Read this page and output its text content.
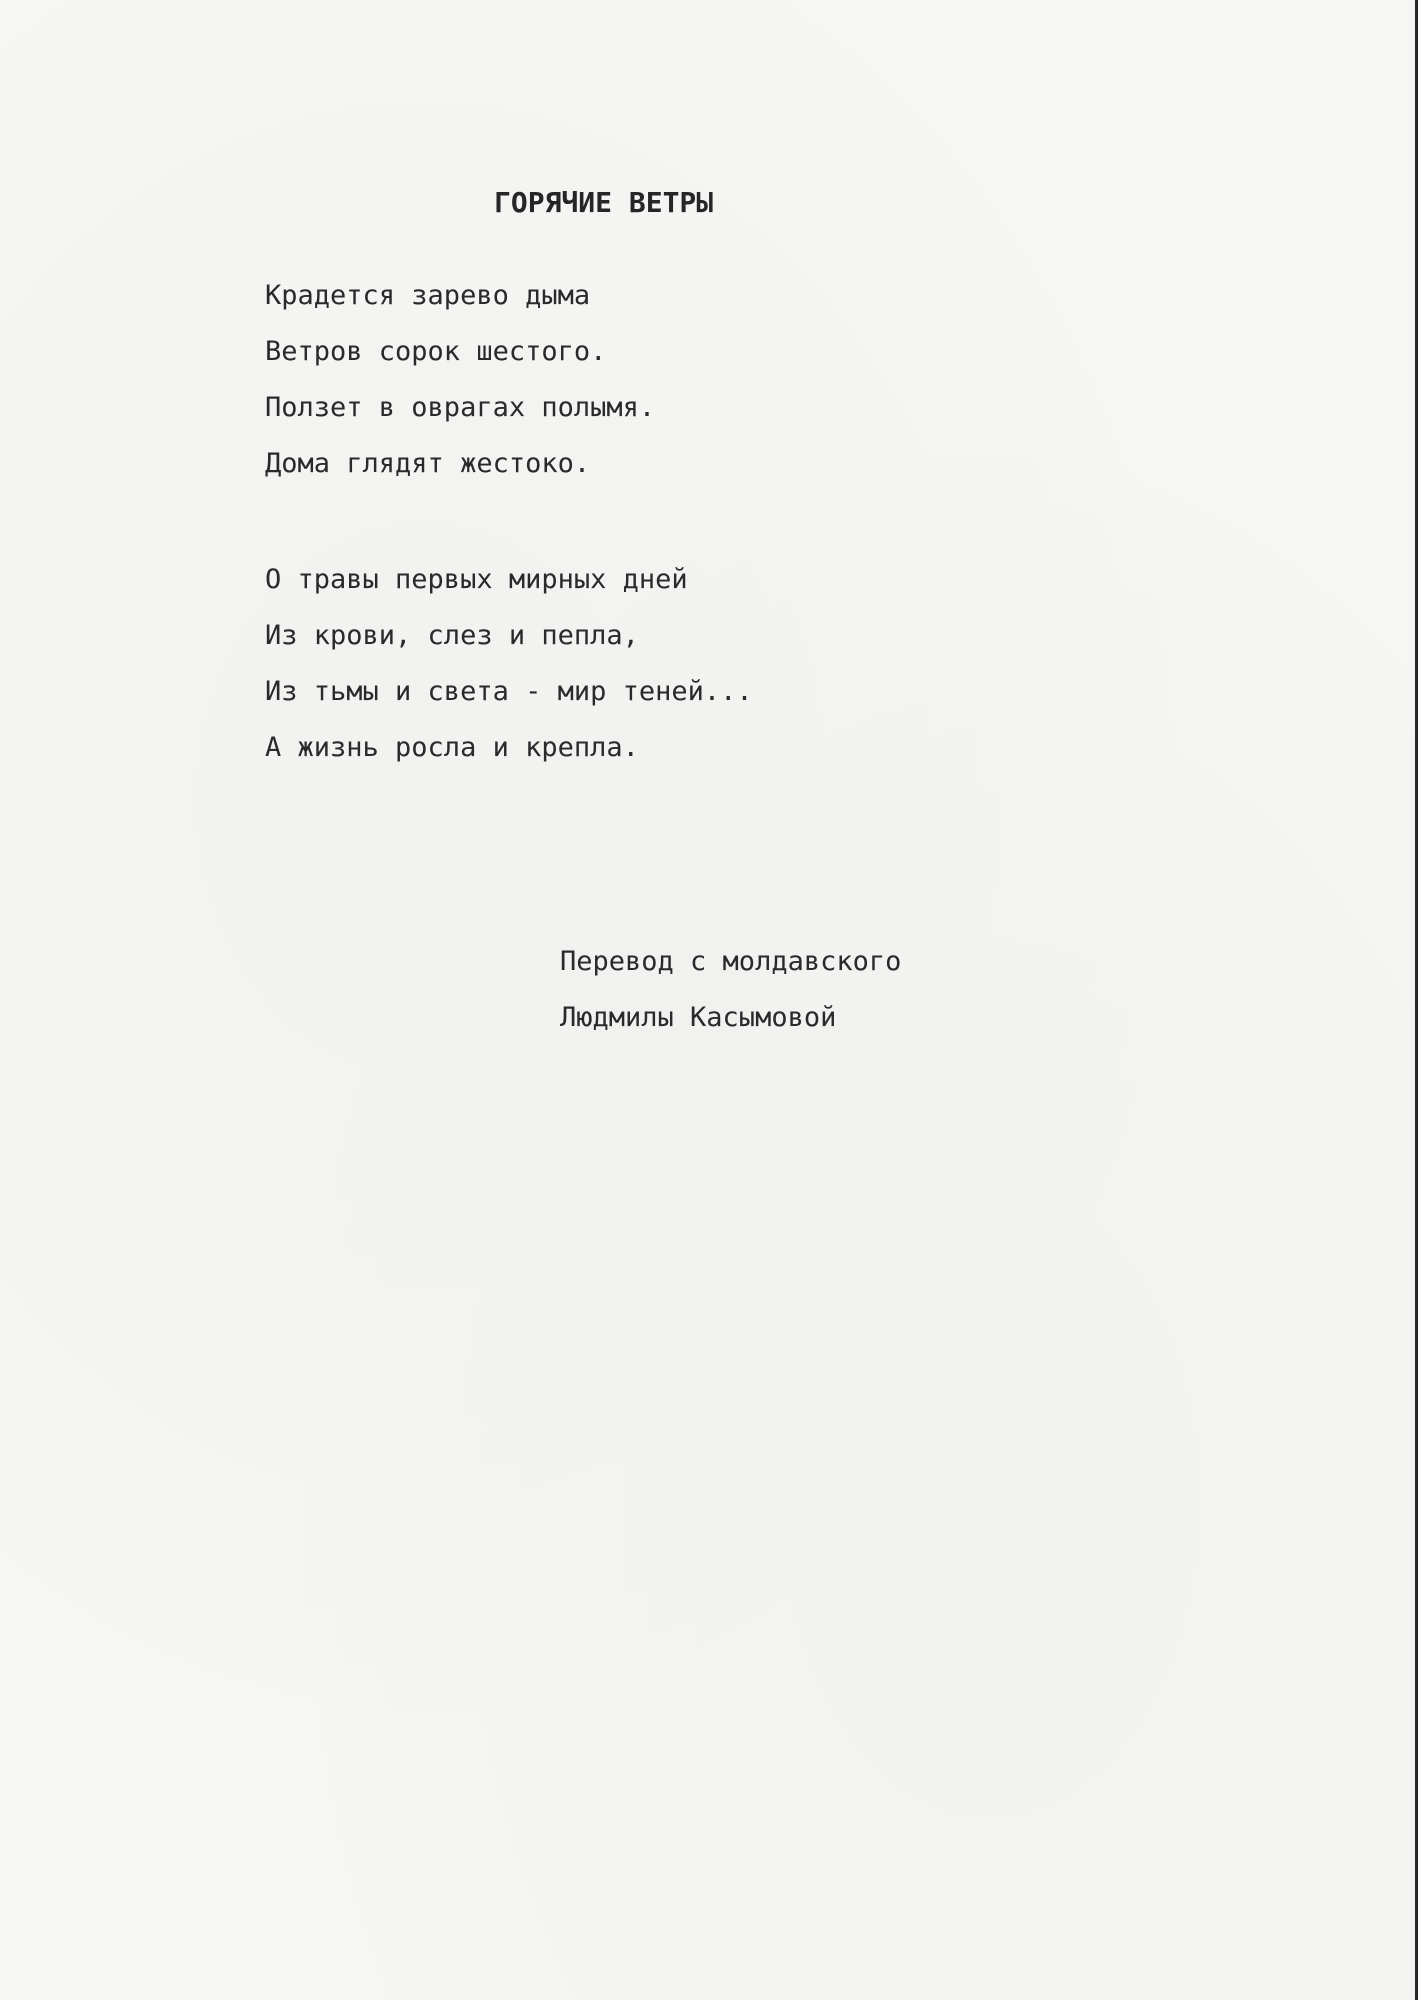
ГОРЯЧИЕ ВЕТРЫ
Крадется зарево дыма
Ветров сорок шестого.
Ползет в оврагах полымя.
Дома глядят жестоко.
О травы первых мирных дней
Из крови, слез и пепла,
Из тьмы и света - мир теней...
А жизнь росла и крепла.
Перевод с молдавского
Людмилы Касымовой
